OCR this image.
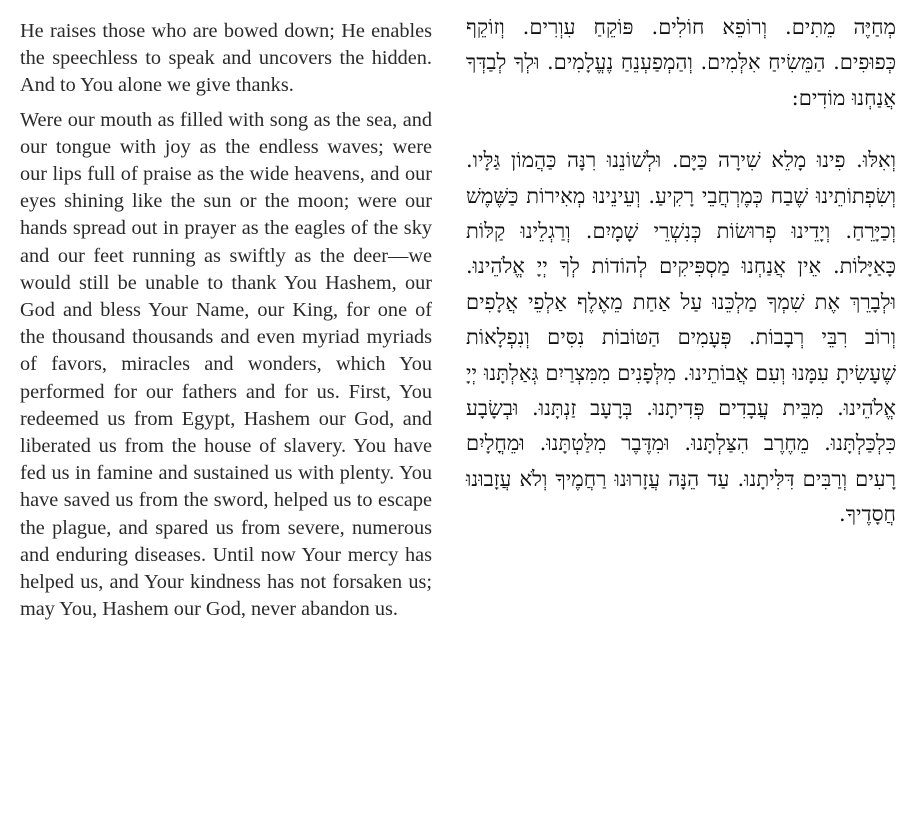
He raises those who are bowed down; He enables the speechless to speak and uncovers the hidden. And to You alone we give thanks.

Were our mouth as filled with song as the sea, and our tongue with joy as the endless waves; were our lips full of praise as the wide heavens, and our eyes shining like the sun or the moon; were our hands spread out in prayer as the eagles of the sky and our feet running as swiftly as the deer—we would still be unable to thank You Hashem, our God and bless Your Name, our King, for one of the thousand thousands and even myriad myriads of favors, miracles and wonders, which You performed for our fathers and for us. First, You redeemed us from Egypt, Hashem our God, and liberated us from the house of slavery. You have fed us in famine and sustained us with plenty. You have saved us from the sword, helped us to escape the plague, and spared us from severe, numerous and enduring diseases. Until now Your mercy has helped us, and Your kindness has not forsaken us; may You, Hashem our God, never abandon us.

מְחַיֶּה מֵתִים. וְרוֹפֵא חוֹלִים. פּוֹקֵחַ עִוְרִים. וְזוֹקֵף כְּפוּפִים. הַמֵּשִׂיחַ אִלְּמִים. וְהַמְפַעְנֵחַ נֶעֱלָמִים. וּלְךָ לְבַדְּךָ אֲנַחְנוּ מוֹדִים:

וְאִלּוּ. פִינוּ מָלֵא שִׁירָה כַּיָּם. וּלְשׁוֹנֵנוּ רִנָּה כַּהֲמוֹן גַּלָּיו. וְשִׂפְתוֹתֵינוּ שֶׁבַח כְּמֶרְחֲבֵי רָקִיעַ. וְעֵינֵינוּ מְאִירוֹת כַּשֶּׁמֶשׁ וְכַיָּרֵחַ. וְיָדֵינוּ פְרוּשׂוֹת כְּנִשְׁרֵי שָׁמָיִם. וְרַגְלֵינוּ קַלּוֹת כָּאַיָּלוֹת. אֵין אֲנַחְנוּ מַסְפִּיקִים לְהוֹדוֹת לְךָ יְיָ אֱלֹהֵינוּ. וּלְבָרֵךְ אֶת שִׁמְךָ מַלְכֵּנוּ עַל אַחַת מֵאֶלֶף אַלְפֵי אֲלָפִים וְרוֹב רִבֵּי רְבָבוֹת. פְּעָמִים הַטּוֹבוֹת נִסִּים וְנִפְלָאוֹת שֶׁעָשִׂיתָ עִמָּנוּ וְעִם אֲבוֹתֵינוּ. מִלְּפָנִים מִמִּצְרַיִם גְּאַלְתָּנוּ יְיָ אֱלֹהֵינוּ. מִבֵּית עֲבָדִים פְּדִיתָנוּ. בְּרָעָב זַנְתָּנוּ. וּבְשָׂבָע כִּלְכַּלְתָּנוּ. מֵחֶרֶב הִצַּלְתָּנוּ. וּמִדֶּבֶר מִלַּטְתָּנוּ. וּמֵחֳלָיִם רָעִים וְרַבִּים דִּלִּיתָנוּ. עַד הֵנָּה עֲזָרוּנוּ רַחֲמֶיךָ וְלֹא עֲזָבוּנוּ חֲסָדֶיךָ.
